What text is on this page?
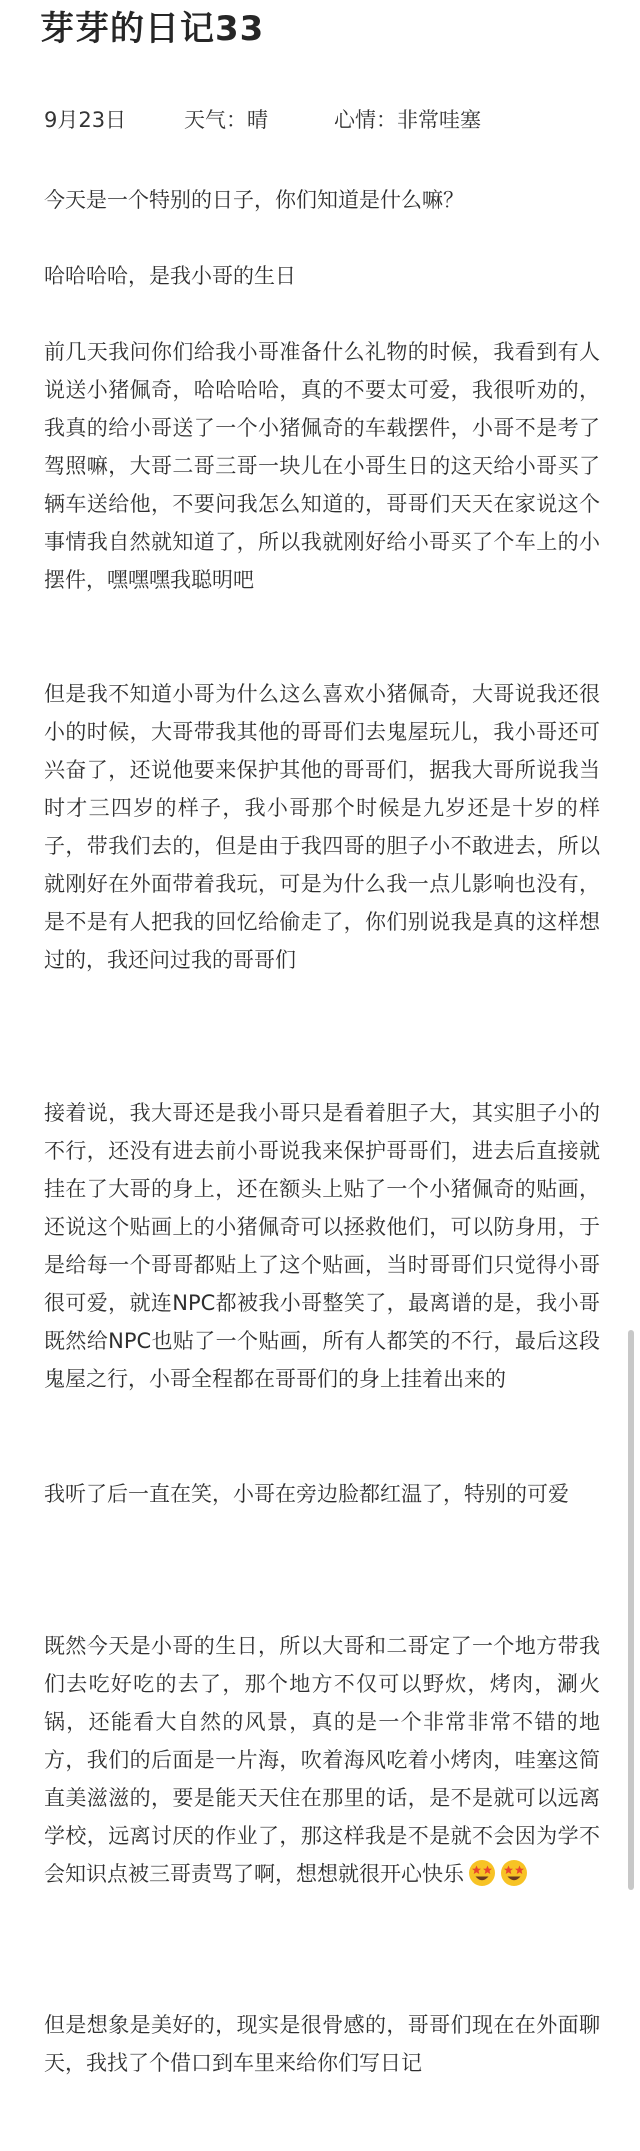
芽芽的日记33
9月23日	天气：晴	心情：非常哇塞
今天是一个特别的日子，你们知道是什么嘛？
哈哈哈哈，是我小哥的生日
前几天我问你们给我小哥准备什么礼物的时候，我看到有人说送小猪佩奇，哈哈哈哈，真的不要太可爱，我很听劝的，我真的给小哥送了一个小猪佩奇的车载摆件，小哥不是考了驾照嘛，大哥二哥三哥一块儿在小哥生日的这天给小哥买了辆车送给他，不要问我怎么知道的，哥哥们天天在家说这个事情我自然就知道了，所以我就刚好给小哥买了个车上的小摆件，嘿嘿嘿我聪明吧
但是我不知道小哥为什么这么喜欢小猪佩奇，大哥说我还很小的时候，大哥带我其他的哥哥们去鬼屋玩儿，我小哥还可兴奋了，还说他要来保护其他的哥哥们，据我大哥所说我当时才三四岁的样子，我小哥那个时候是九岁还是十岁的样子，带我们去的，但是由于我四哥的胆子小不敢进去，所以就刚好在外面带着我玩，可是为什么我一点儿影响也没有，是不是有人把我的回忆给偷走了，你们别说我是真的这样想过的，我还问过我的哥哥们
接着说，我大哥还是我小哥只是看着胆子大，其实胆子小的不行，还没有进去前小哥说我来保护哥哥们，进去后直接就挂在了大哥的身上，还在额头上贴了一个小猪佩奇的贴画，还说这个贴画上的小猪佩奇可以拯救他们，可以防身用，于是给每一个哥哥都贴上了这个贴画，当时哥哥们只觉得小哥很可爱，就连NPC都被我小哥整笑了，最离谱的是，我小哥既然给NPC也贴了一个贴画，所有人都笑的不行，最后这段鬼屋之行，小哥全程都在哥哥们的身上挂着出来的
我听了后一直在笑，小哥在旁边脸都红温了，特别的可爱
既然今天是小哥的生日，所以大哥和二哥定了一个地方带我们去吃好吃的去了，那个地方不仅可以野炊，烤肉，涮火锅，还能看大自然的风景，真的是一个非常非常不错的地方，我们的后面是一片海，吹着海风吃着小烤肉，哇塞这简直美滋滋的，要是能天天住在那里的话，是不是就可以远离学校，远离讨厌的作业了，那这样我是不是就不会因为学不会知识点被三哥责骂了啊，想想就很开心快乐
但是想象是美好的，现实是很骨感的，哥哥们现在在外面聊天，我找了个借口到车里来给你们写日记
